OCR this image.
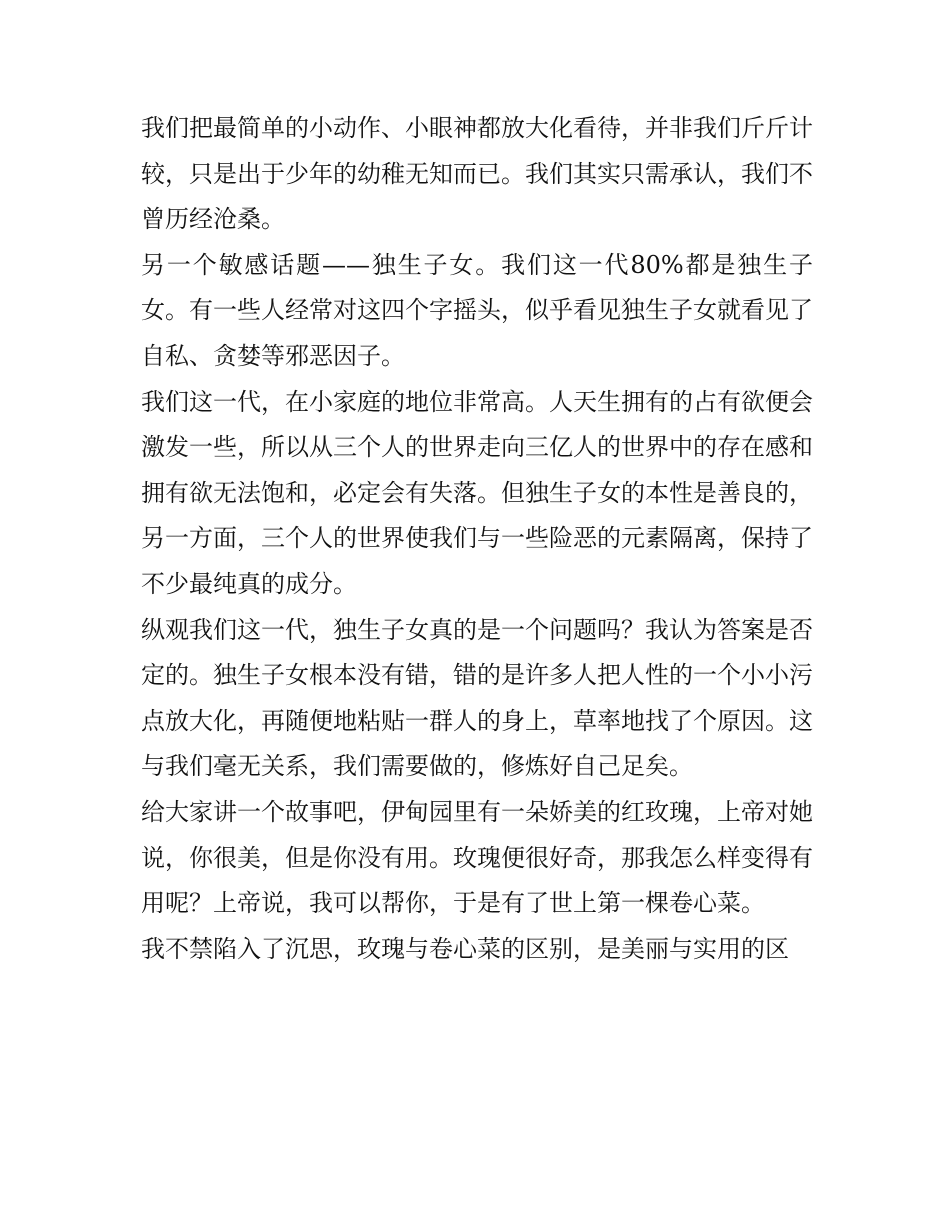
我们把最简单的小动作、小眼神都放大化看待，并非我们斤斤计较，只是出于少年的幼稚无知而已。我们其实只需承认，我们不曾历经沧桑。

另一个敏感话题——独生子女。我们这一代80%都是独生子女。有一些人经常对这四个字摇头，似乎看见独生子女就看见了自私、贪婪等邪恶因子。

我们这一代，在小家庭的地位非常高。人天生拥有的占有欲便会激发一些，所以从三个人的世界走向三亿人的世界中的存在感和拥有欲无法饱和，必定会有失落。但独生子女的本性是善良的，另一方面，三个人的世界使我们与一些险恶的元素隔离，保持了不少最纯真的成分。

纵观我们这一代，独生子女真的是一个问题吗？我认为答案是否定的。独生子女根本没有错，错的是许多人把人性的一个小小污点放大化，再随便地粘贴一群人的身上，草率地找了个原因。这与我们毫无关系，我们需要做的，修炼好自己足矣。

给大家讲一个故事吧，伊甸园里有一朵娇美的红玫瑰，上帝对她说，你很美，但是你没有用。玫瑰便很好奇，那我怎么样变得有用呢？上帝说，我可以帮你，于是有了世上第一棵卷心菜。

我不禁陷入了沉思，玫瑰与卷心菜的区别，是美丽与实用的区
